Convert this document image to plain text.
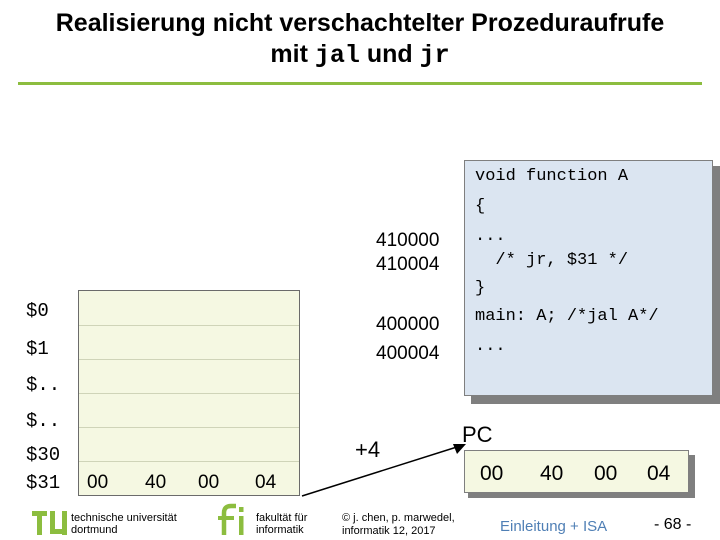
Realisierung nicht verschachtelter Prozeduraufrufe
mit jal und jr
$0
$1
$..
$..
$30
$31 00 40 00 04
410000
410004
400000
400004
void function A
{
...
/* jr, $31 */
}
main: A; /*jal A*/
...
+4
PC
00 40 00 04
technische universität
dortmund
fakultät für
informatik
© j. chen, p. marwedel,
informatik 12, 2017	Einleitung + ISA	- 68 -
